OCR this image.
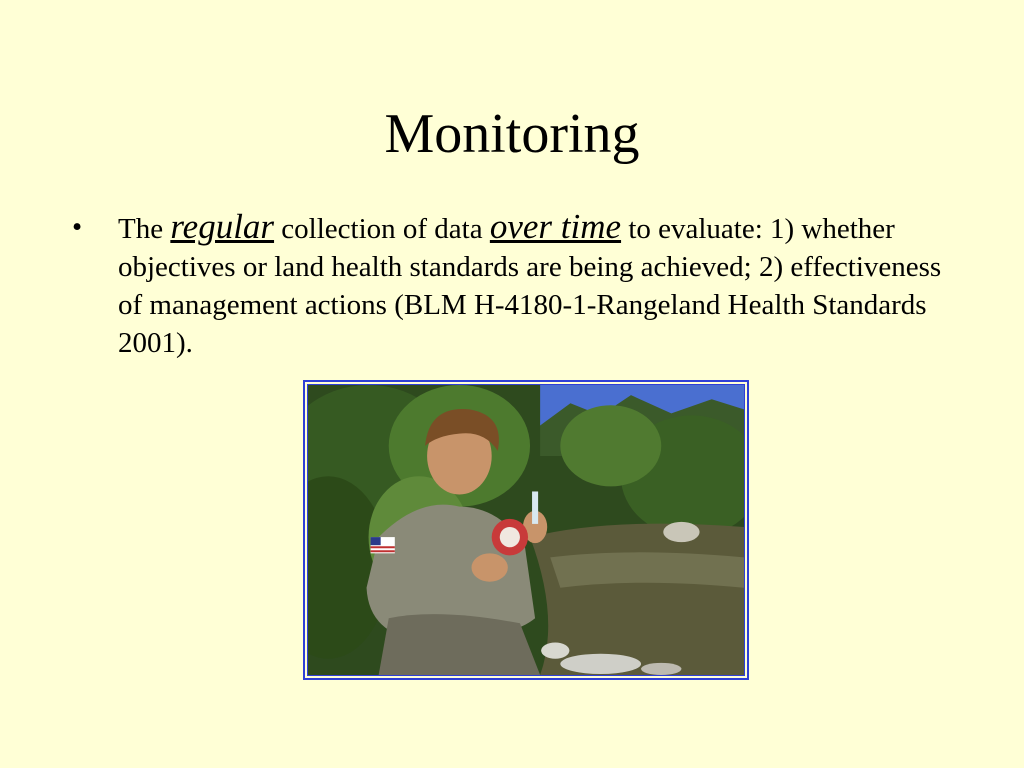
Monitoring
•	The regular collection of data over time to evaluate: 1) whether objectives or land health standards are being achieved; 2) effectiveness of management actions (BLM H-4180-1-Rangeland Health Standards 2001).
